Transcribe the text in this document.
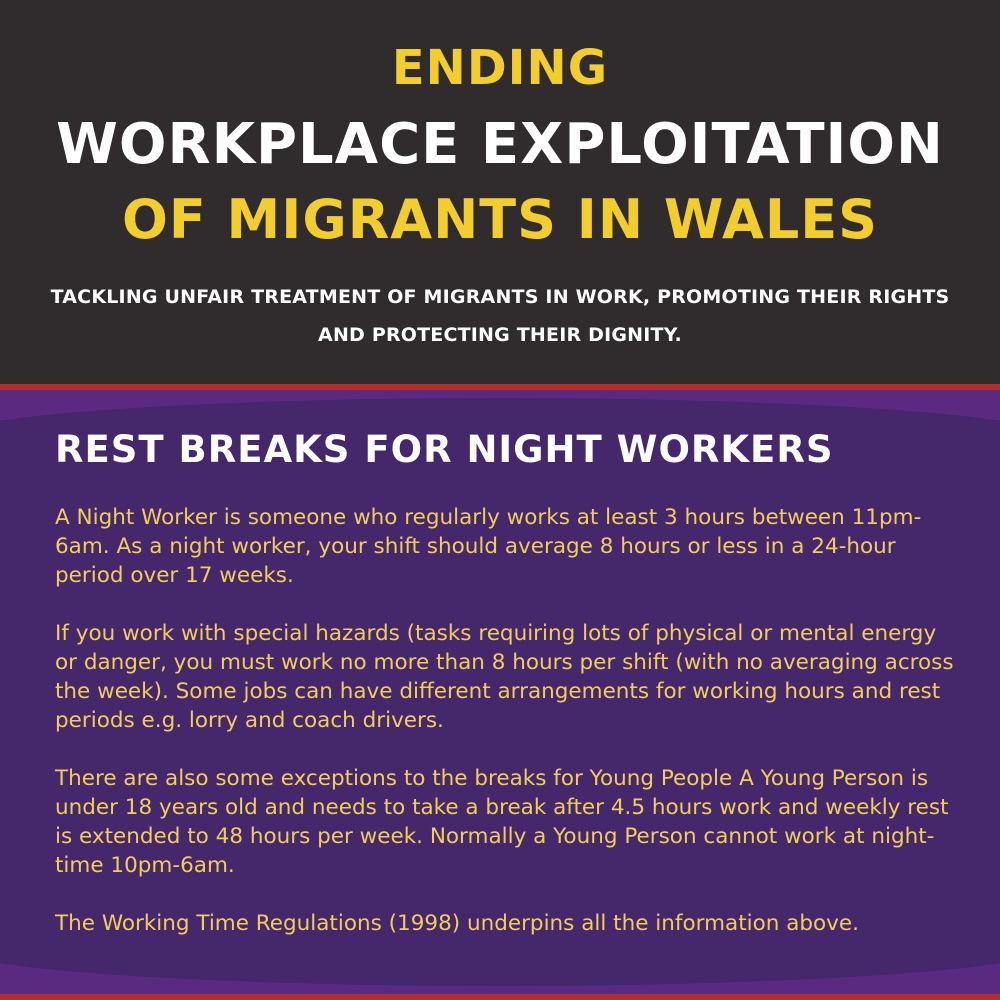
ENDING
WORKPLACE EXPLOITATION
OF MIGRANTS IN WALES
TACKLING UNFAIR TREATMENT OF MIGRANTS IN WORK, PROMOTING THEIR RIGHTS AND PROTECTING THEIR DIGNITY.
REST BREAKS FOR NIGHT WORKERS

A Night Worker is someone who regularly works at least 3 hours between 11pm-6am. As a night worker, your shift should average 8 hours or less in a 24-hour period over 17 weeks.

If you work with special hazards (tasks requiring lots of physical or mental energy or danger, you must work no more than 8 hours per shift (with no averaging across the week). Some jobs can have different arrangements for working hours and rest periods e.g. lorry and coach drivers.

There are also some exceptions to the breaks for Young People A Young Person is under 18 years old and needs to take a break after 4.5 hours work and weekly rest is extended to 48 hours per week. Normally a Young Person cannot work at night-time 10pm-6am.

The Working Time Regulations (1998) underpins all the information above.
